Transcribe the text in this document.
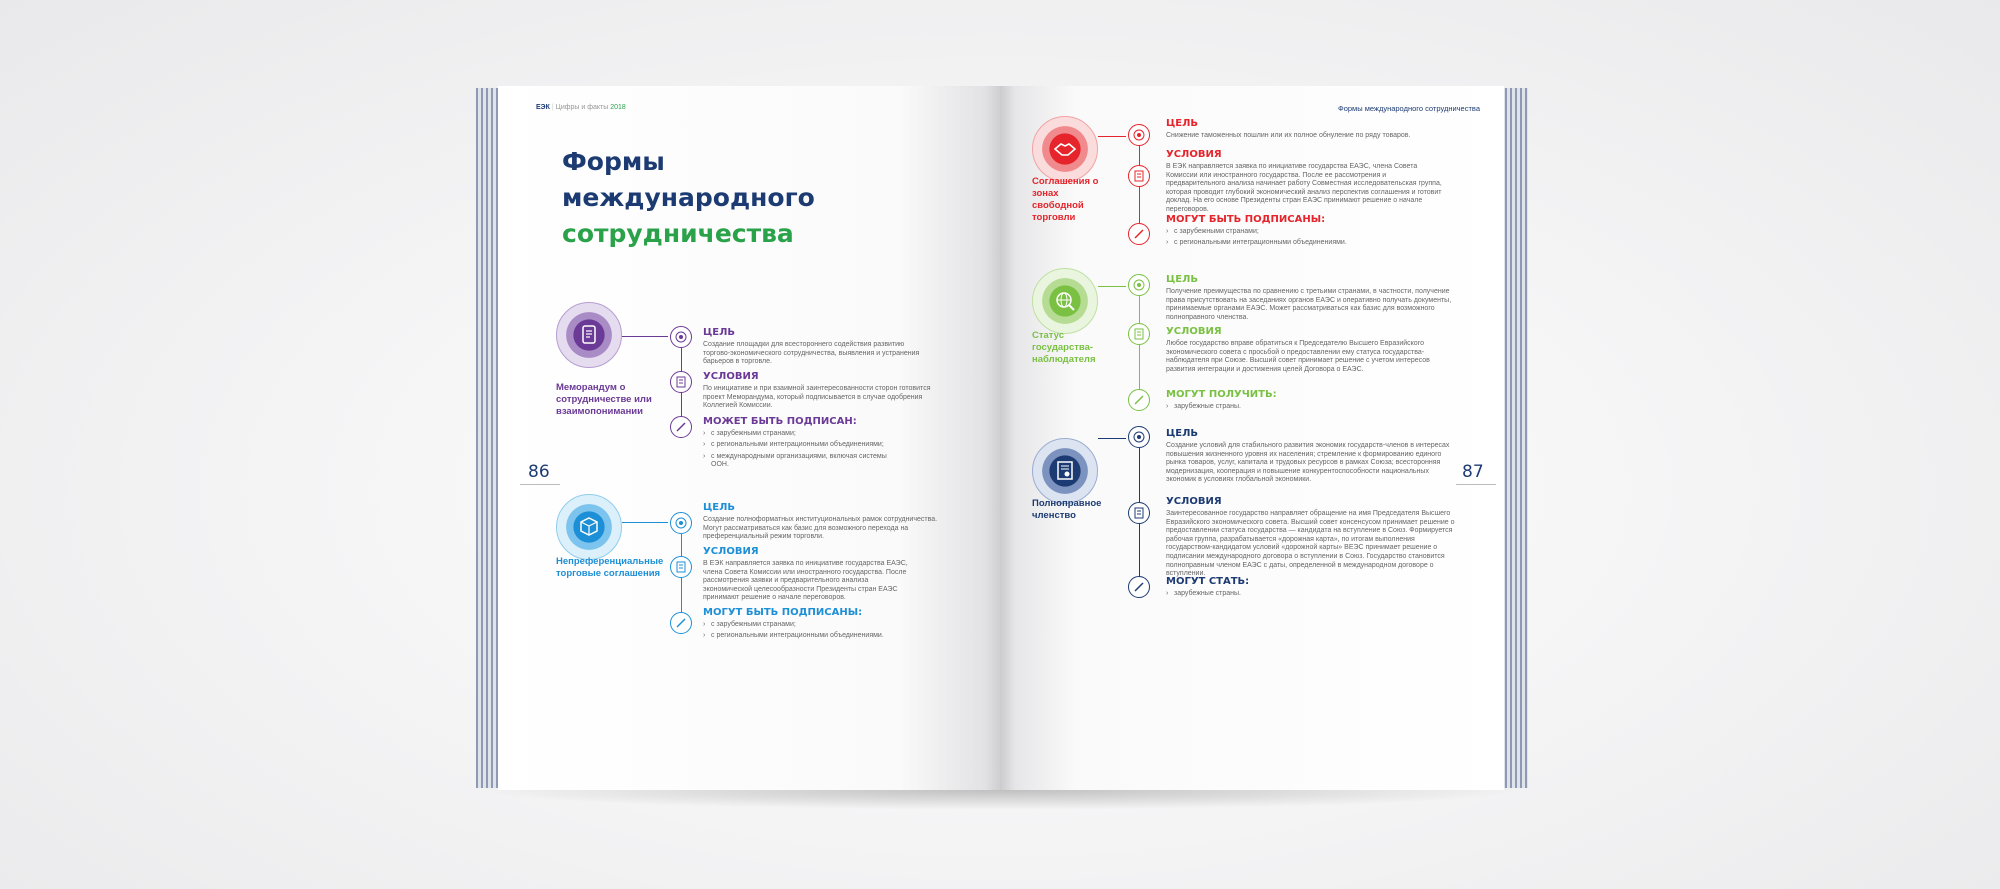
ЕЭК | Цифры и факты 2018
Формы
международного
сотрудничества
86
Меморандум о сотрудничестве или взаимопонимании
ЦЕЛЬ

Создание площадки для всестороннего содействия развитию торгово-экономического сотрудничества, выявления и устранения барьеров в торговле.

УСЛОВИЯ

По инициативе и при взаимной заинтересованности сторон готовится проект Меморандума, который подписывается в случае одобрения Коллегией Комиссии.

МОЖЕТ БЫТЬ ПОДПИСАН:
› с зарубежными странами;
› с региональными интеграционными объединениями;
› с международными организациями, включая системы ООН.
Непреференциальные торговые соглашения
ЦЕЛЬ

Создание полноформатных институциональных рамок сотрудничества. Могут рассматриваться как базис для возможного перехода на преференциальный режим торговли.

УСЛОВИЯ

В ЕЭК направляется заявка по инициативе государства ЕАЭС, члена Совета Комиссии или иностранного государства. После рассмотрения заявки и предварительного анализа экономической целесообразности Президенты стран ЕАЭС принимают решение о начале переговоров.

МОГУТ БЫТЬ ПОДПИСАНЫ:
› с зарубежными странами;
› с региональными интеграционными объединениями.
Формы международного сотрудничества
87
Соглашения о зонах свободной торговли
ЦЕЛЬ

Снижение таможенных пошлин или их полное обнуление по ряду товаров.

УСЛОВИЯ

В ЕЭК направляется заявка по инициативе государства ЕАЭС, члена Совета Комиссии или иностранного государства. После ее рассмотрения и предварительного анализа начинает работу Совместная исследовательская группа, которая проводит глубокий экономический анализ перспектив соглашения и готовит доклад. На его основе Президенты стран ЕАЭС принимают решение о начале переговоров.

МОГУТ БЫТЬ ПОДПИСАНЫ:
› с зарубежными странами;
› с региональными интеграционными объединениями.
Статус государства-наблюдателя
ЦЕЛЬ

Получение преимущества по сравнению с третьими странами, в частности, получение права присутствовать на заседаниях органов ЕАЭС и оперативно получать документы, принимаемые органами ЕАЭС. Может рассматриваться как базис для возможного полноправного членства.

УСЛОВИЯ

Любое государство вправе обратиться к Председателю Высшего Евразийского экономического совета с просьбой о предоставлении ему статуса государства-наблюдателя при Союзе. Высший совет принимает решение с учетом интересов развития интеграции и достижения целей Договора о ЕАЭС.

МОГУТ ПОЛУЧИТЬ:
› зарубежные страны.
Полноправное членство
ЦЕЛЬ

Создание условий для стабильного развития экономик государств-членов в интересах повышения жизненного уровня их населения; стремление к формированию единого рынка товаров, услуг, капитала и трудовых ресурсов в рамках Союза; всесторонняя модернизация, кооперация и повышение конкурентоспособности национальных экономик в условиях глобальной экономики.

УСЛОВИЯ

Заинтересованное государство направляет обращение на имя Председателя Высшего Евразийского экономического совета. Высший совет консенсусом принимает решение о предоставлении статуса государства — кандидата на вступление в Союз. Формируется рабочая группа, разрабатывается «дорожная карта», по итогам выполнения государством-кандидатом условий «дорожной карты» ВЕЭС принимает решение о подписании международного договора о вступлении в Союз. Государство становится полноправным членом ЕАЭС с даты, определенной в международном договоре о вступлении.

МОГУТ СТАТЬ:
› зарубежные страны.
